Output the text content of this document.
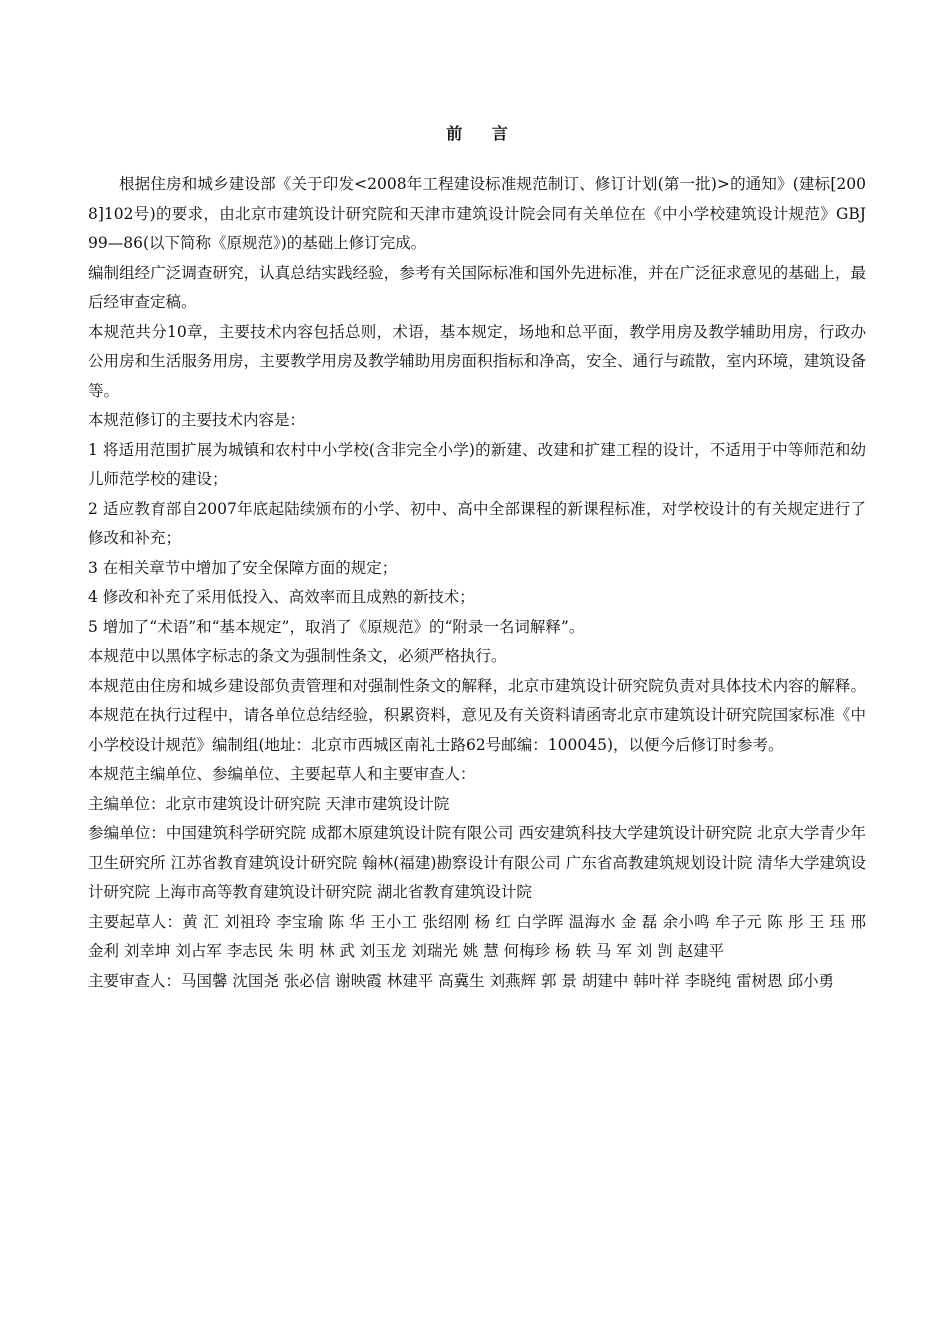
前 言

根据住房和城乡建设部《关于印发<2008年工程建设标准规范制订、修订计划(第一批)>的通知》(建标[2008]102号)的要求，由北京市建筑设计研究院和天津市建筑设计院会同有关单位在《中小学校建筑设计规范》GBJ 99—86(以下简称《原规范》)的基础上修订完成。

编制组经广泛调查研究，认真总结实践经验，参考有关国际标准和国外先进标准，并在广泛征求意见的基础上，最后经审查定稿。

本规范共分10章，主要技术内容包括总则，术语，基本规定，场地和总平面，教学用房及教学辅助用房，行政办公用房和生活服务用房，主要教学用房及教学辅助用房面积指标和净高，安全、通行与疏散，室内环境，建筑设备等。

本规范修订的主要技术内容是：

1 将适用范围扩展为城镇和农村中小学校(含非完全小学)的新建、改建和扩建工程的设计，不适用于中等师范和幼儿师范学校的建设；

2 适应教育部自2007年底起陆续颁布的小学、初中、高中全部课程的新课程标准，对学校设计的有关规定进行了修改和补充；

3 在相关章节中增加了安全保障方面的规定；

4 修改和补充了采用低投入、高效率而且成熟的新技术；

5 增加了“术语”和“基本规定”，取消了《原规范》的“附录一名词解释”。

本规范中以黑体字标志的条文为强制性条文，必须严格执行。

本规范由住房和城乡建设部负责管理和对强制性条文的解释，北京市建筑设计研究院负责对具体技术内容的解释。本规范在执行过程中，请各单位总结经验，积累资料，意见及有关资料请函寄北京市建筑设计研究院国家标准《中小学校设计规范》编制组(地址：北京市西城区南礼士路62号邮编：100045)，以便今后修订时参考。

本规范主编单位、参编单位、主要起草人和主要审查人：

主编单位：北京市建筑设计研究院 天津市建筑设计院

参编单位：中国建筑科学研究院 成都木原建筑设计院有限公司 西安建筑科技大学建筑设计研究院 北京大学青少年卫生研究所 江苏省教育建筑设计研究院 翰林(福建)勘察设计有限公司 广东省高教建筑规划设计院 清华大学建筑设计研究院 上海市高等教育建筑设计研究院 湖北省教育建筑设计院

主要起草人：黄 汇 刘祖玲 李宝瑜 陈 华 王小工 张绍刚 杨 红 白学晖 温海水 金 磊 余小鸣 牟子元 陈 彤 王 珏 邢金利 刘幸坤 刘占军 李志民 朱 明 林 武 刘玉龙 刘瑞光 姚 慧 何梅珍 杨 轶 马 军 刘 剀 赵建平

主要审查人：马国馨 沈国尧 张必信 谢映霞 林建平 高冀生 刘燕辉 郭 景 胡建中 韩叶祥 李晓纯 雷树恩 邱小勇
